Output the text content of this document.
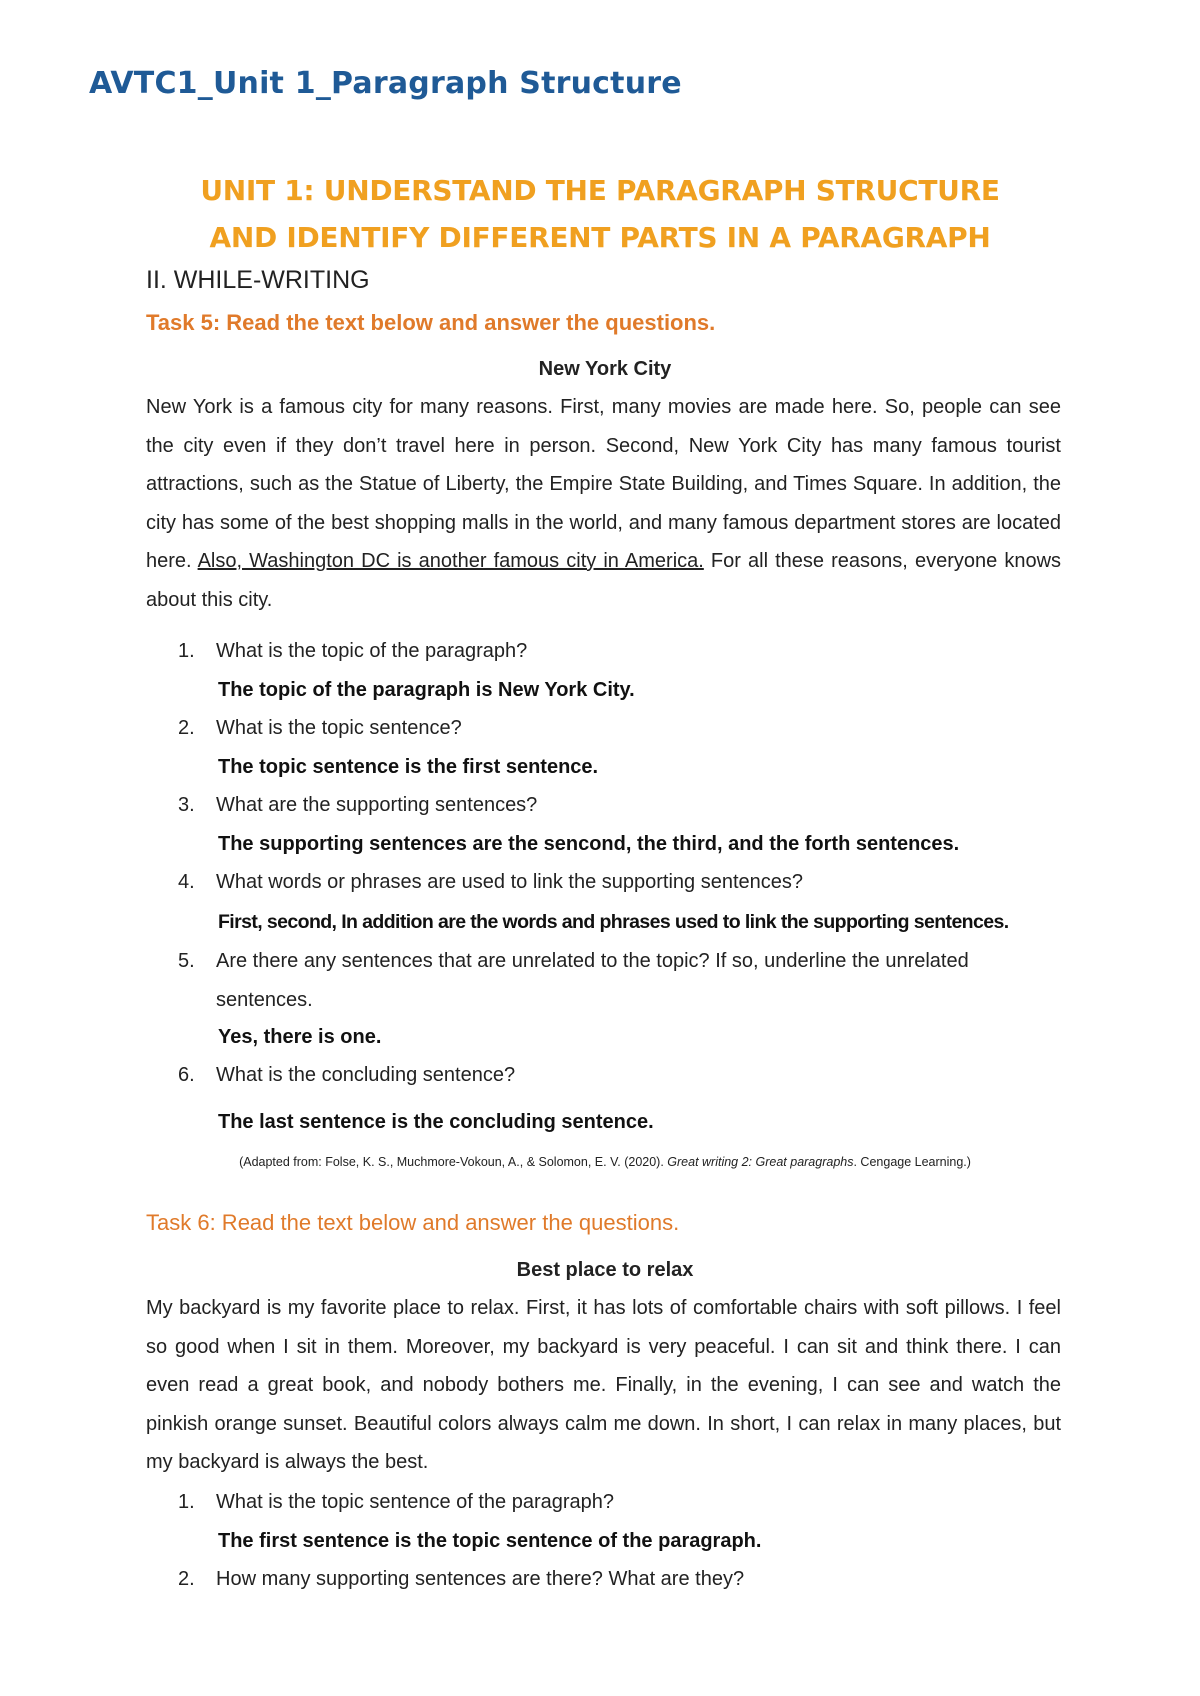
AVTC1_Unit 1_Paragraph Structure
UNIT 1: UNDERSTAND THE PARAGRAPH STRUCTURE
AND IDENTIFY DIFFERENT PARTS IN A PARAGRAPH
II. WHILE-WRITING
Task 5: Read the text below and answer the questions.
New York City
New York is a famous city for many reasons. First, many movies are made here. So, people can see the city even if they don’t travel here in person. Second, New York City has many famous tourist attractions, such as the Statue of Liberty, the Empire State Building, and Times Square. In addition, the city has some of the best shopping malls in the world, and many famous department stores are located here. Also, Washington DC is another famous city in America. For all these reasons, everyone knows about this city.
1. What is the topic of the paragraph?
The topic of the paragraph is New York City.
2. What is the topic sentence?
The topic sentence is the first sentence.
3. What are the supporting sentences?
The supporting sentences are the sencond, the third, and the forth sentences.
4. What words or phrases are used to link the supporting sentences?
First, second, In addition are the words and phrases used to link the supporting sentences.
5.	Are there any sentences that are unrelated to the topic? If so, underline the unrelated sentences.
Yes, there is one.
6. What is the concluding sentence?
The last sentence is the concluding sentence.
(Adapted from: Folse, K. S., Muchmore-Vokoun, A., & Solomon, E. V. (2020). Great writing 2: Great paragraphs. Cengage Learning.)
Task 6: Read the text below and answer the questions.
Best place to relax
My backyard is my favorite place to relax. First, it has lots of comfortable chairs with soft pillows. I feel so good when I sit in them. Moreover, my backyard is very peaceful. I can sit and think there. I can even read a great book, and nobody bothers me. Finally, in the evening, I can see and watch the pinkish orange sunset. Beautiful colors always calm me down. In short, I can relax in many places, but my backyard is always the best.
1. What is the topic sentence of the paragraph?
The first sentence is the topic sentence of the paragraph.
2. How many supporting sentences are there? What are they?
